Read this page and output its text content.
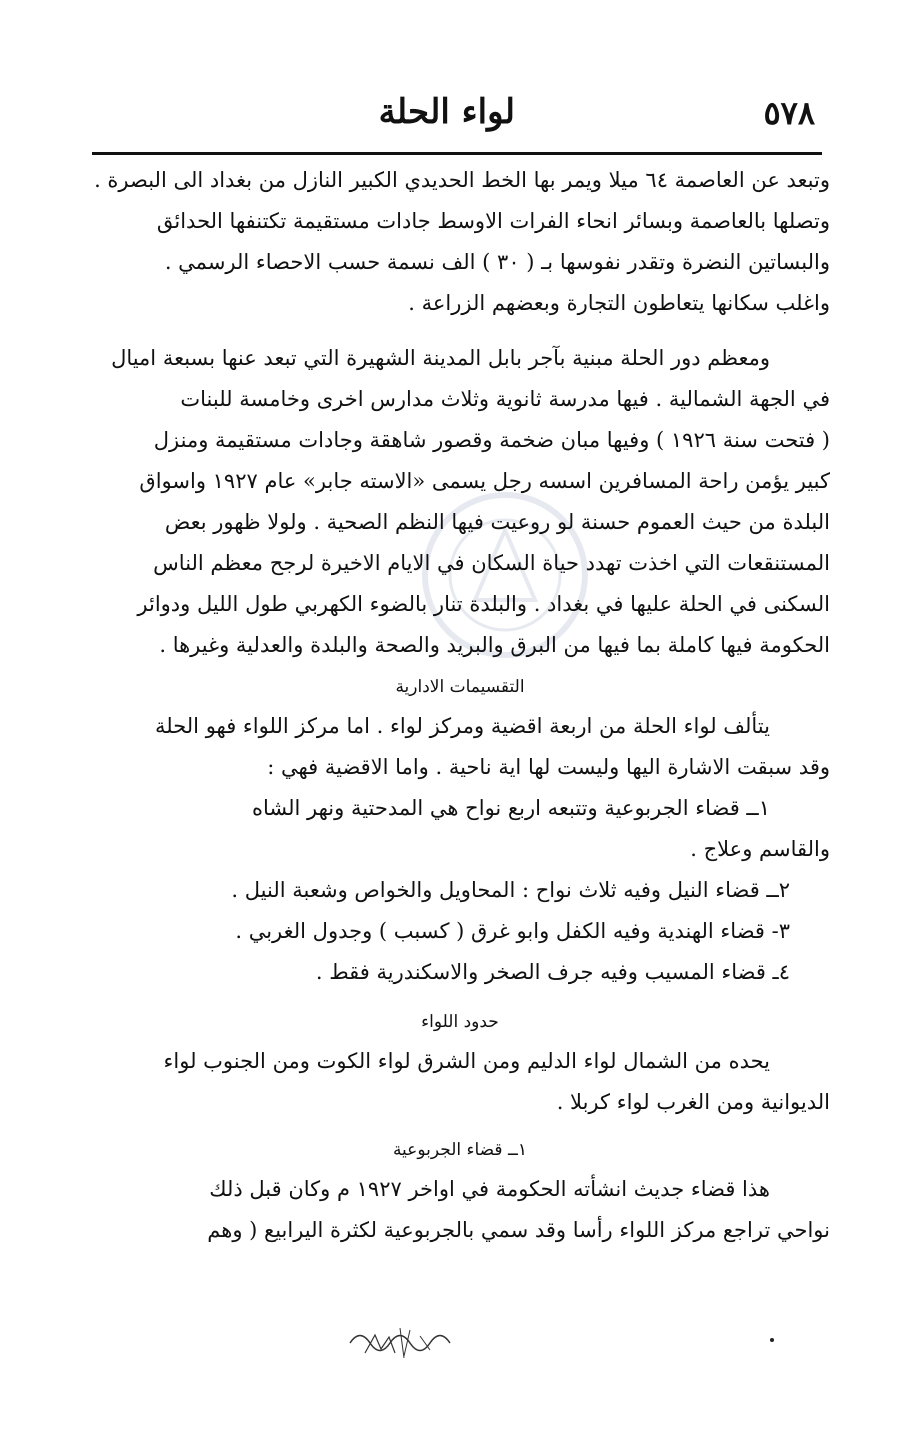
٥٧٨
لواء الحلة

وتبعد عن العاصمة ٦٤ ميلا ويمر بها الخط الحديدي الكبير النازل من بغداد الى البصرة .

وتصلها بالعاصمة وبسائر انحاء الفرات الاوسط جادات مستقيمة تكتنفها الحدائق

والبساتين النضرة وتقدر نفوسها بـ ( ٣٠ ) الف نسمة حسب الاحصاء الرسمي .

واغلب سكانها يتعاطون التجارة وبعضهم الزراعة .

ومعظم دور الحلة مبنية بآجر بابل المدينة الشهيرة التي تبعد عنها بسبعة اميال

في الجهة الشمالية . فيها مدرسة ثانوية وثلاث مدارس اخرى وخامسة للبنات

( فتحت سنة ١٩٢٦ ) وفيها مبان ضخمة وقصور شاهقة وجادات مستقيمة ومنزل

كبير يؤمن راحة المسافرين اسسه رجل يسمى «الاسته جابر» عام ١٩٢٧ واسواق

البلدة من حيث العموم حسنة لو روعيت فيها النظم الصحية . ولولا ظهور بعض

المستنقعات التي اخذت تهدد حياة السكان في الايام الاخيرة لرجح معظم الناس

السكنى في الحلة عليها في بغداد . والبلدة تنار بالضوء الكهربي طول الليل ودوائر

الحكومة فيها كاملة بما فيها من البرق والبريد والصحة والبلدة والعدلية وغيرها .

التقسيمات الادارية

يتألف لواء الحلة من اربعة اقضية ومركز لواء . اما مركز اللواء فهو الحلة

وقد سبقت الاشارة اليها وليست لها اية ناحية . واما الاقضية فهي :

١ــ قضاء الجربوعية وتتبعه اربع نواح هي المدحتية ونهر الشاه
والقاسم وعلاج .
٢ــ قضاء النيل وفيه ثلاث نواح : المحاويل والخواص وشعبة النيل .
٣- قضاء الهندية وفيه الكفل وابو غرق ( كسبب ) وجدول الغربي .
٤ـ قضاء المسيب وفيه جرف الصخر والاسكندرية فقط .
حدود اللواء

يحده من الشمال لواء الدليم ومن الشرق لواء الكوت ومن الجنوب لواء

الديوانية ومن الغرب لواء كربلا .

١ــ قضاء الجربوعية

هذا قضاء جديث انشأته الحكومة في اواخر ١٩٢٧ م وكان قبل ذلك

نواحي تراجع مركز اللواء رأسا وقد سمي بالجربوعية لكثرة اليرابيع ( وهم
